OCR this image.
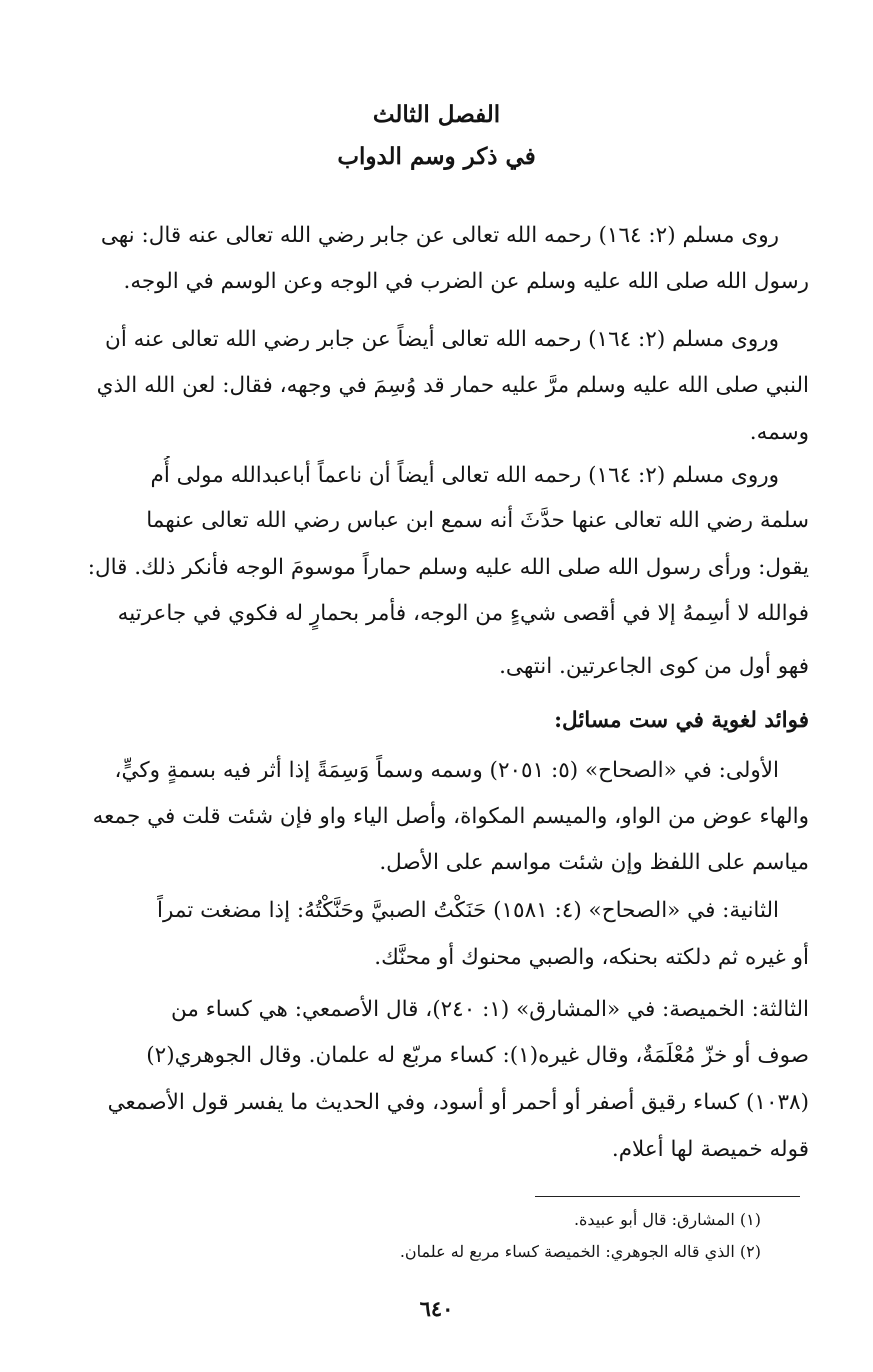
الفصل الثالث
في ذكر وسم الدواب
روى مسلم (٢: ١٦٤) رحمه الله تعالى عن جابر رضي الله تعالى عنه قال: نهى
رسول الله صلى الله عليه وسلم عن الضرب في الوجه وعن الوسم في الوجه.
وروى مسلم (٢: ١٦٤) رحمه الله تعالى أيضاً عن جابر رضي الله تعالى عنه أن
النبي صلى الله عليه وسلم مرَّ عليه حمار قد وُسِمَ في وجهه، فقال: لعن الله الذي
وسمه.
وروى مسلم (٢: ١٦٤) رحمه الله تعالى أيضاً أن ناعماً أباعبدالله مولى أُم
سلمة رضي الله تعالى عنها حدَّثَ أنه سمع ابن عباس رضي الله تعالى عنهما
يقول: ورأى رسول الله صلى الله عليه وسلم حماراً موسومَ الوجه فأنكر ذلك. قال:
فوالله لا أسِمهُ إلا في أقصى شيءٍ من الوجه، فأمر بحمارٍ له فكوي في جاعرتيه
فهو أول من كوى الجاعرتين. انتهى.
فوائد لغوية في ست مسائل:
الأولى: في «الصحاح» (٥: ٢٠٥١) وسمه وسماً وَسِمَةً إذا أثر فيه بسمةٍ وكيٍّ،
والهاء عوض من الواو، والميسم المكواة، وأصل الياء واو فإن شئت قلت في جمعه
مياسم على اللفظ وإن شئت مواسم على الأصل.
الثانية: في «الصحاح» (٤: ١٥٨١) حَنَكْتُ الصبيَّ وحَنَّكْتُهُ: إذا مضغت تمراً
أو غيره ثم دلكته بحنكه، والصبي محنوك أو محنَّك.
الثالثة: الخميصة: في «المشارق» (١: ٢٤٠)، قال الأصمعي: هي كساء من
صوف أو خزّ مُعْلَمَةٌ، وقال غيره(١): كساء مربّع له علمان. وقال الجوهري(٢)
(١٠٣٨) كساء رقيق أصفر أو أحمر أو أسود، وفي الحديث ما يفسر قول الأصمعي
قوله خميصة لها أعلام.
(١) المشارق: قال أبو عبيدة.
(٢) الذي قاله الجوهري: الخميصة كساء مربع له علمان.
٦٤٠
